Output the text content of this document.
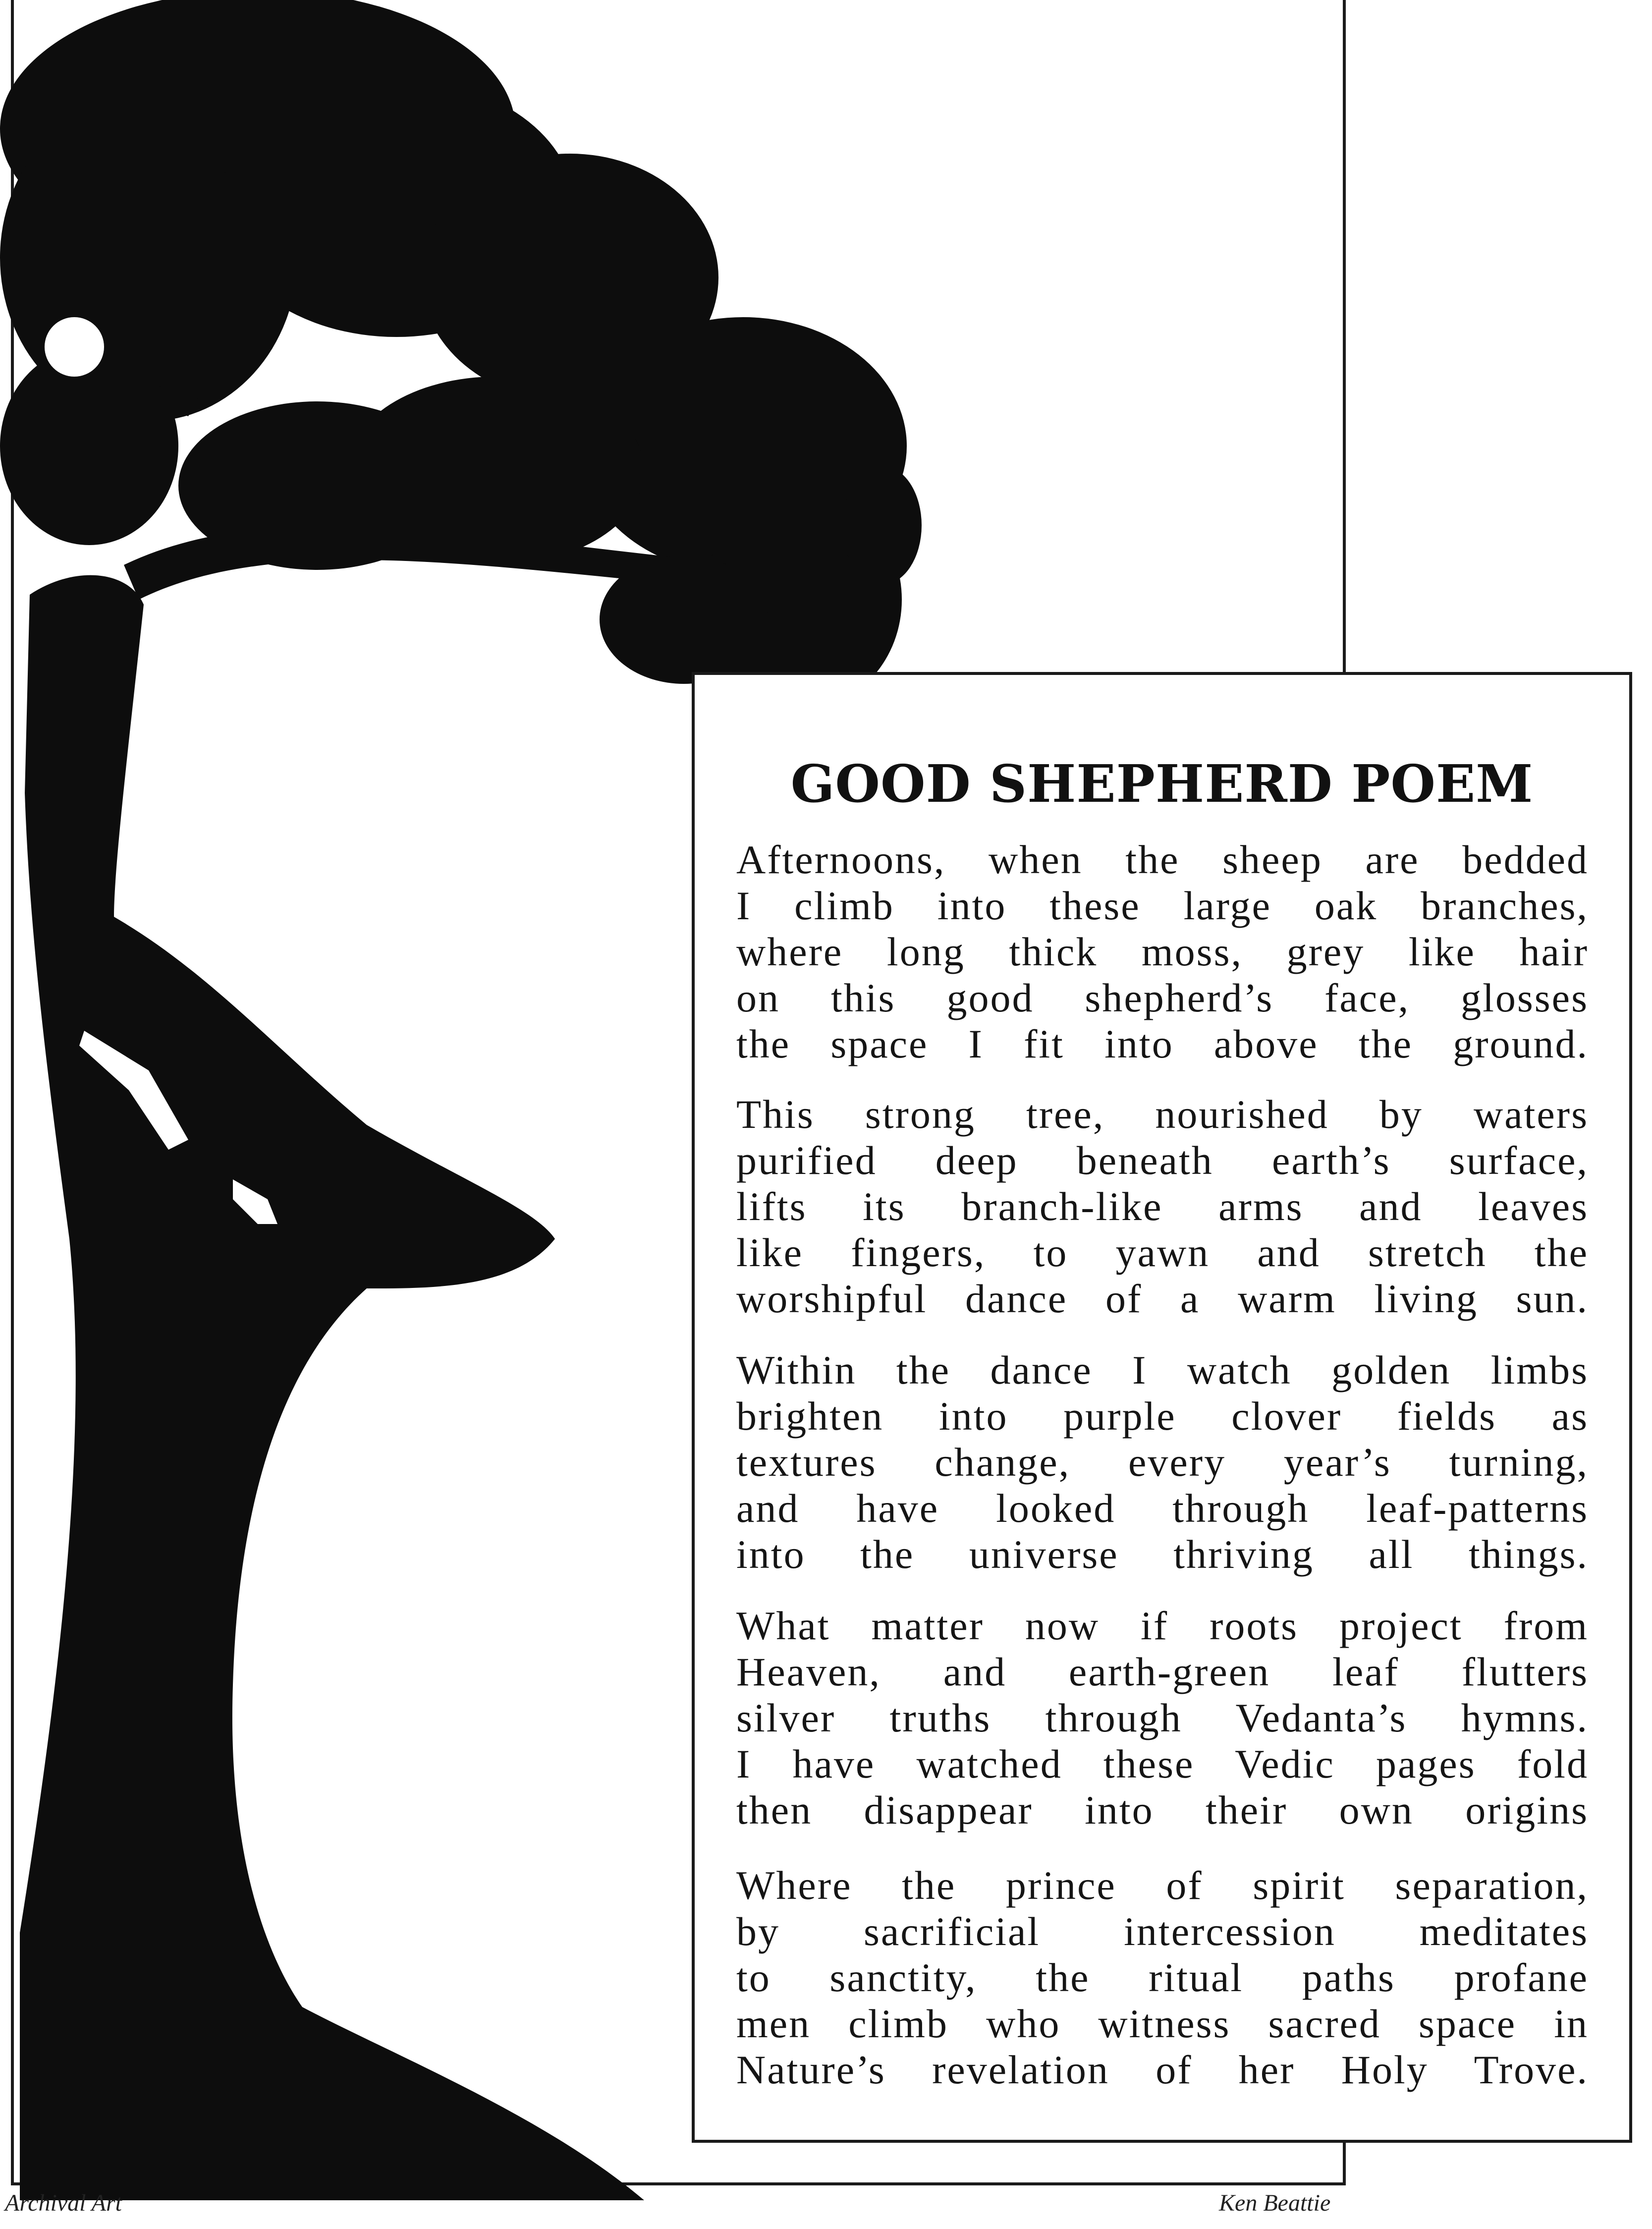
GOOD SHEPHERD POEM
Afternoons, when the sheep are bedded
I climb into these large oak branches,
where long thick moss, grey like hair
on this good shepherd’s face, glosses
the space I fit into above the ground.
This strong tree, nourished by waters
purified deep beneath earth’s surface,
lifts its branch-like arms and leaves
like fingers, to yawn and stretch the
worshipful dance of a warm living sun.
Within the dance I watch golden limbs
brighten into purple clover fields as
textures change, every year’s turning,
and have looked through leaf-patterns
into the universe thriving all things.
What matter now if roots project from
Heaven, and earth-green leaf flutters
silver truths through Vedanta’s hymns.
I have watched these Vedic pages fold
then disappear into their own origins
Where the prince of spirit separation,
by sacrificial intercession meditates
to sanctity, the ritual paths profane
men climb who witness sacred space in
Nature’s revelation of her Holy Trove.
Archival Art	Ken Beattie
